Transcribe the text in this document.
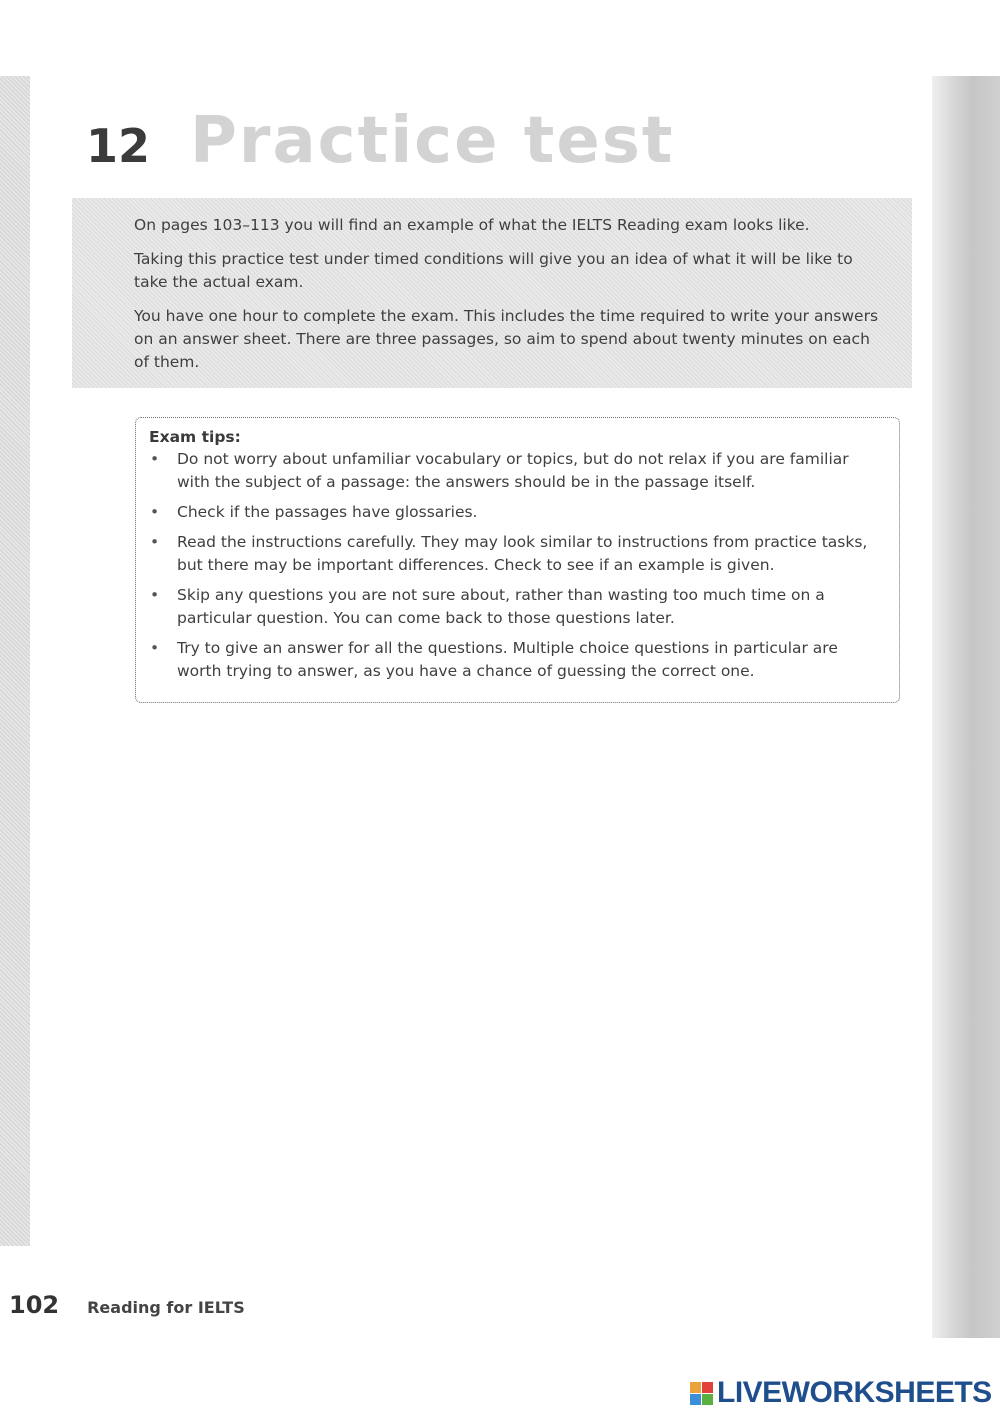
12 Practice test

On pages 103–113 you will find an example of what the IELTS Reading exam looks like.

Taking this practice test under timed conditions will give you an idea of what it will be like to take the actual exam.

You have one hour to complete the exam. This includes the time required to write your answers on an answer sheet. There are three passages, so aim to spend about twenty minutes on each of them.

Exam tips:
• Do not worry about unfamiliar vocabulary or topics, but do not relax if you are familiar with the subject of a passage: the answers should be in the passage itself.
• Check if the passages have glossaries.
• Read the instructions carefully. They may look similar to instructions from practice tasks, but there may be important differences. Check to see if an example is given.
• Skip any questions you are not sure about, rather than wasting too much time on a particular question. You can come back to those questions later.
• Try to give an answer for all the questions. Multiple choice questions in particular are worth trying to answer, as you have a chance of guessing the correct one.
102 Reading for IELTS
LIVEWORKSHEETS
